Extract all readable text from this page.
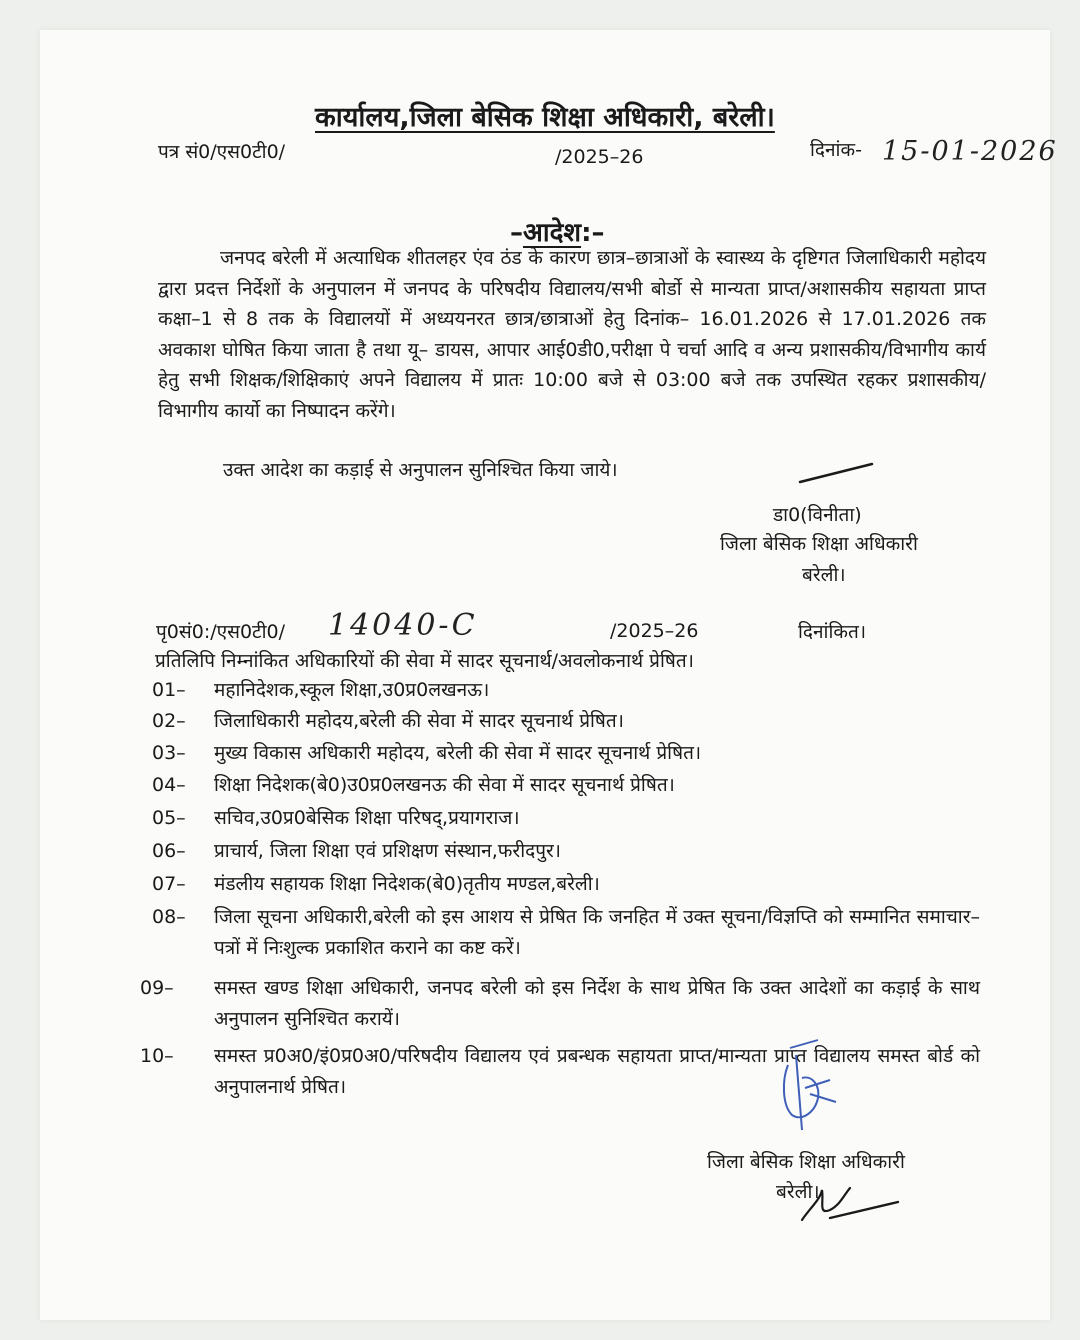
कार्यालय,जिला बेसिक शिक्षा अधिकारी, बरेली।
पत्र सं0/एस0टी0/	/2025–26	दिनांक- 15-01-2026
–आदेश:–
जनपद बरेली में अत्याधिक शीतलहर एंव ठंड के कारण छात्र–छात्राओं के स्वास्थ्य के दृष्टिगत जिलाधिकारी महोदय द्वारा प्रदत्त निर्देशों के अनुपालन में जनपद के परिषदीय विद्यालय/सभी बोर्डो से मान्यता प्राप्त/अशासकीय सहायता प्राप्त कक्षा–1 से 8 तक के विद्यालयों में अध्ययनरत छात्र/छात्राओं हेतु दिनांक– 16.01.2026 से 17.01.2026 तक अवकाश घोषित किया जाता है तथा यू– डायस, आपार आई0डी0,परीक्षा पे चर्चा आदि व अन्य प्रशासकीय/विभागीय कार्य हेतु सभी शिक्षक/शिक्षिकाएं अपने विद्यालय में प्रातः 10:00 बजे से 03:00 बजे तक उपस्थित रहकर प्रशासकीय/विभागीय कार्यो का निष्पादन करेंगे।
उक्त आदेश का कड़ाई से अनुपालन सुनिश्चित किया जाये।
डा0(विनीता)
जिला बेसिक शिक्षा अधिकारी
बरेली।
पृ0सं0:/एस0टी0/ 14040-C	/2025–26	दिनांकित।
प्रतिलिपि निम्नांकित अधिकारियों की सेवा में सादर सूचनार्थ/अवलोकनार्थ प्रेषित।
01–	महानिदेशक,स्कूल शिक्षा,उ0प्र0लखनऊ।
02–	जिलाधिकारी महोदय,बरेली की सेवा में सादर सूचनार्थ प्रेषित।
03–	मुख्य विकास अधिकारी महोदय, बरेली की सेवा में सादर सूचनार्थ प्रेषित।
04–	शिक्षा निदेशक(बे0)उ0प्र0लखनऊ की सेवा में सादर सूचनार्थ प्रेषित।
05–	सचिव,उ0प्र0बेसिक शिक्षा परिषद्,प्रयागराज।
06–	प्राचार्य, जिला शिक्षा एवं प्रशिक्षण संस्थान,फरीदपुर।
07–	मंडलीय सहायक शिक्षा निदेशक(बे0)तृतीय मण्डल,बरेली।
08–	जिला सूचना अधिकारी,बरेली को इस आशय से प्रेषित कि जनहित में उक्त सूचना/विज्ञप्ति को सम्मानित समाचार–पत्रों में निःशुल्क प्रकाशित कराने का कष्ट करें।
09–	समस्त खण्ड शिक्षा अधिकारी, जनपद बरेली को इस निर्देश के साथ प्रेषित कि उक्त आदेशों का कड़ाई के साथ अनुपालन सुनिश्चित करायें।
10–	समस्त प्र0अ0/इं0प्र0अ0/परिषदीय विद्यालय एवं प्रबन्धक सहायता प्राप्त/मान्यता प्राप्त विद्यालय समस्त बोर्ड को अनुपालनार्थ प्रेषित।
जिला बेसिक शिक्षा अधिकारी
बरेली।
